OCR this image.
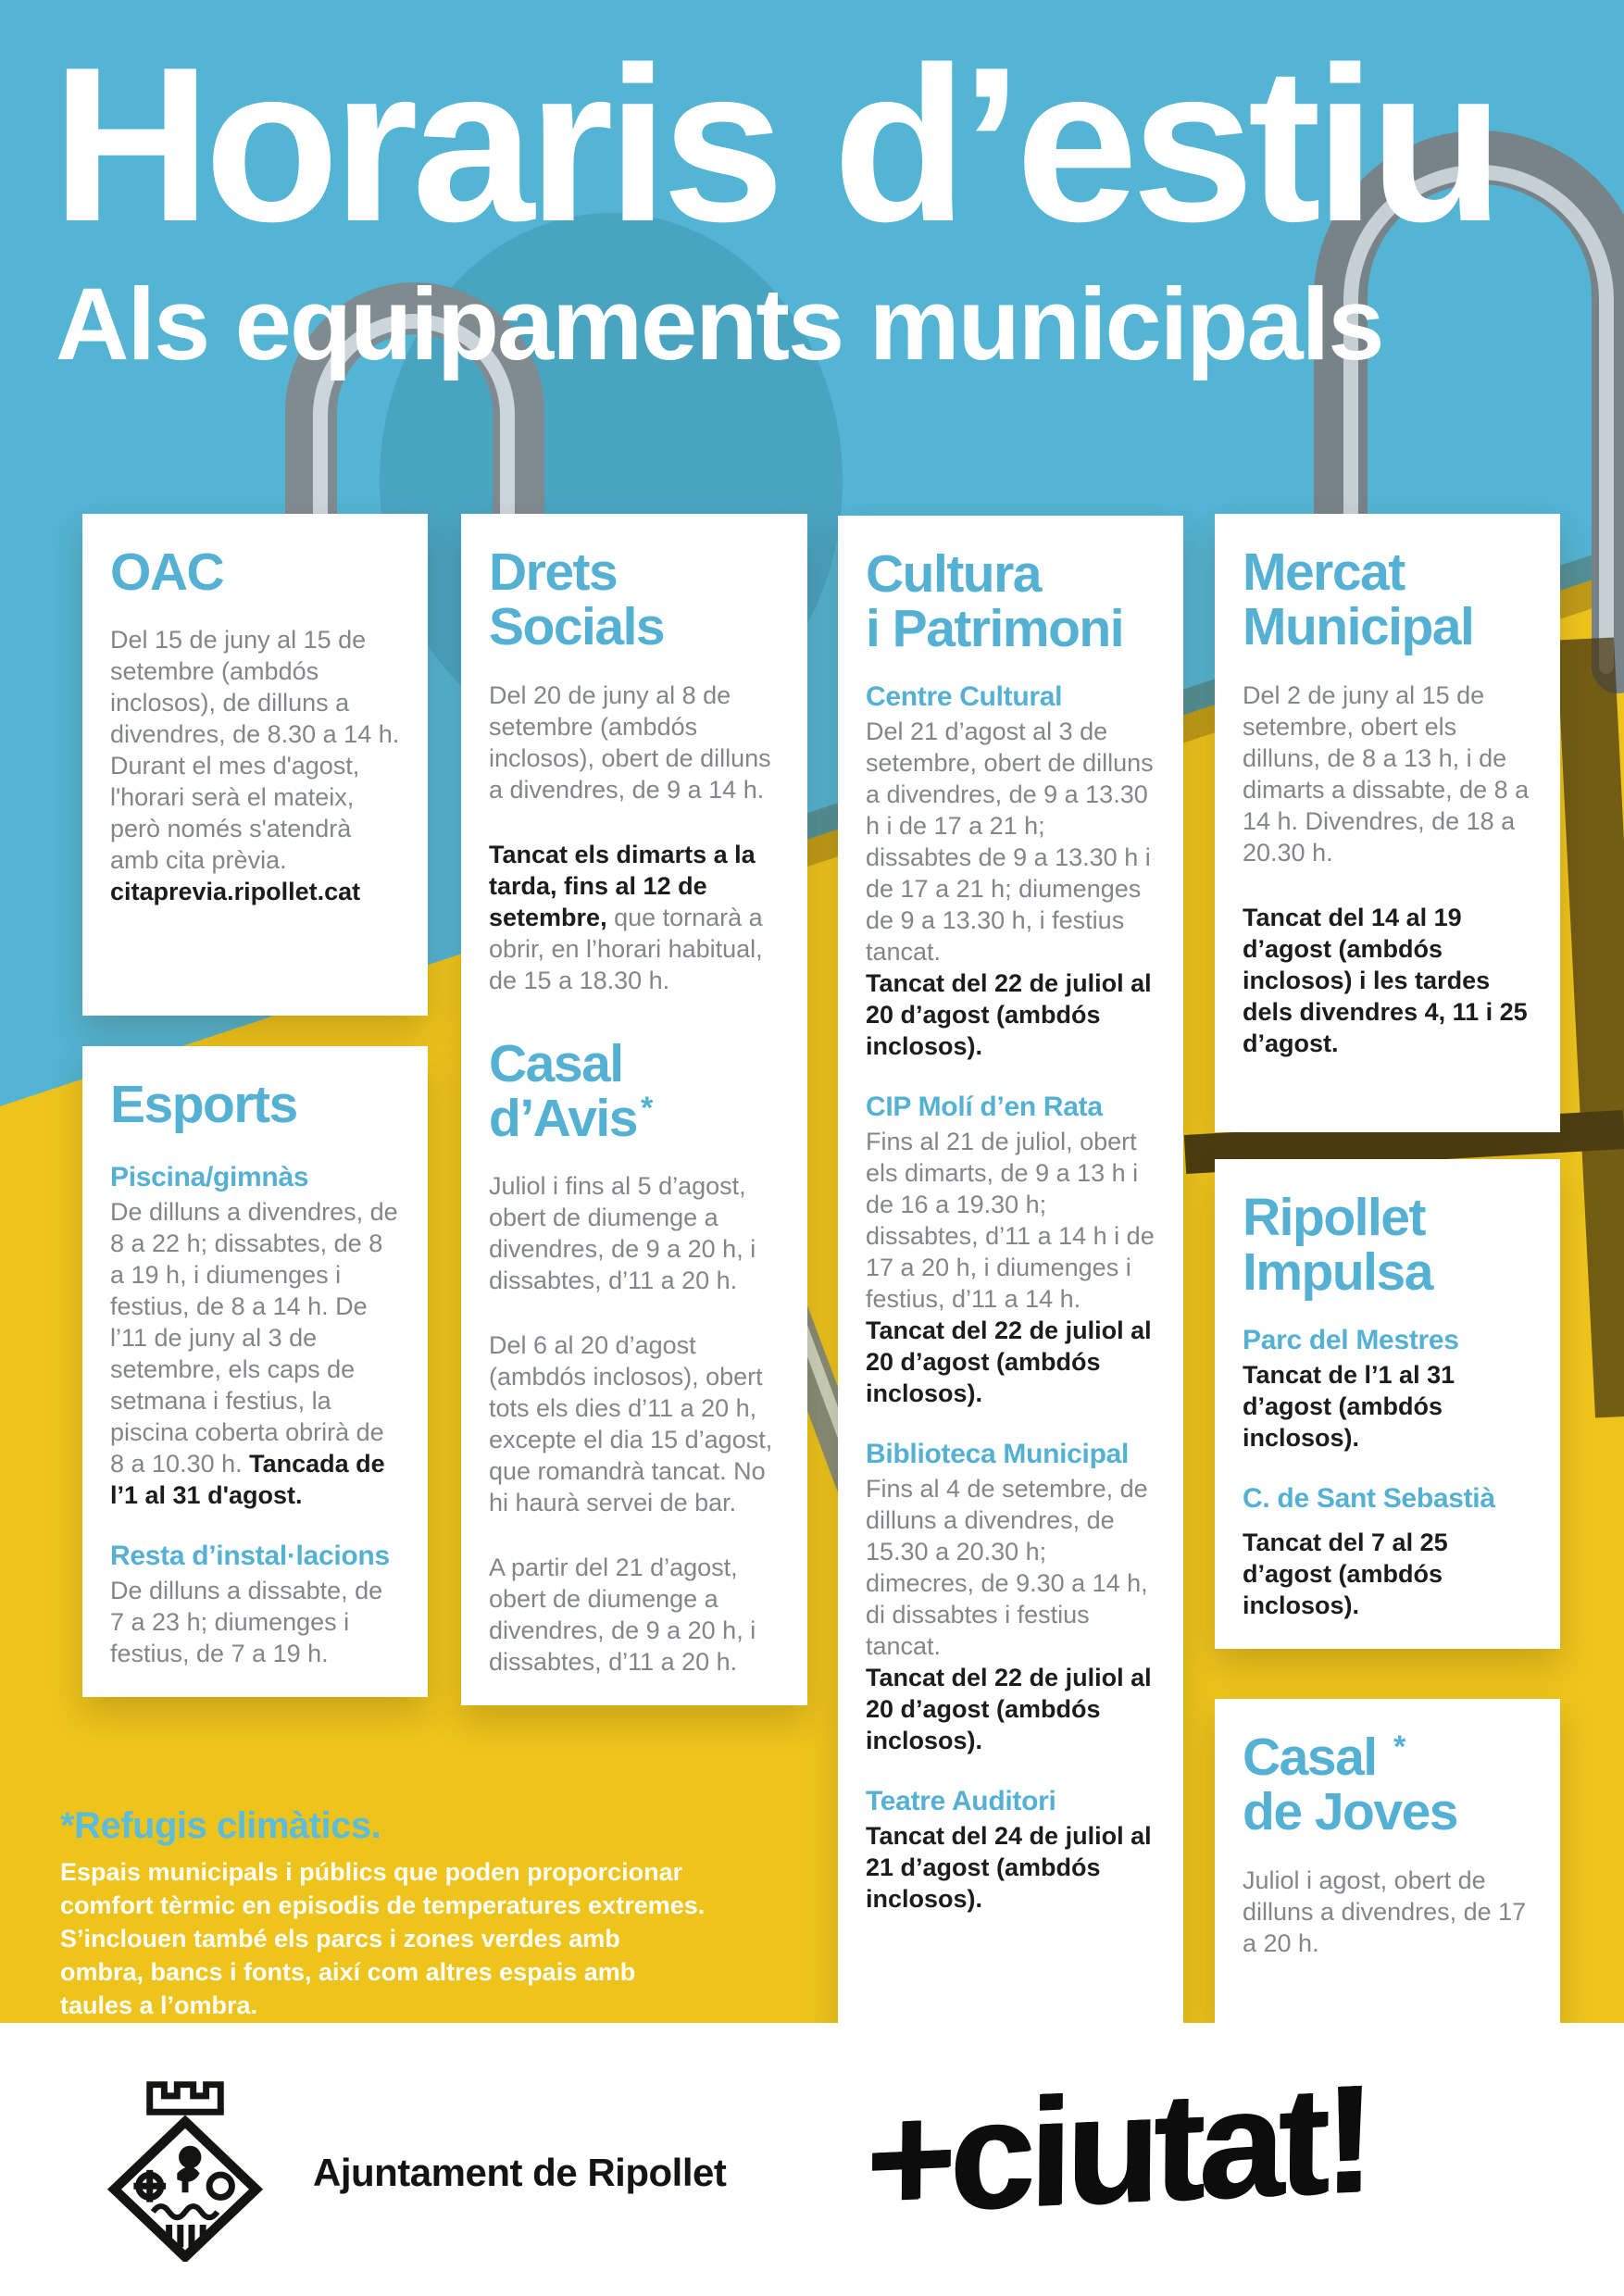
Horaris d’estiu

Als equipaments municipals

OAC

Del 15 de juny al 15 de setembre (ambdós inclosos), de dilluns a divendres, de 8.30 a 14 h.

Durant el mes d'agost, l'horari serà el mateix, però només s'atendrà amb cita prèvia.

citaprevia.ripollet.cat

Esports
Piscina/gimnàs

De dilluns a divendres, de 8 a 22 h; dissabtes, de 8 a 19 h, i diumenges i festius, de 8 a 14 h. De l’11 de juny al 3 de setembre, els caps de setmana i festius, la piscina coberta obrirà de 8 a 10.30 h. Tancada de l’1 al 31 d'agost.

Resta d’instal·lacions

De dilluns a dissabte, de 7 a 23 h; diumenges i festius, de 7 a 19 h.

Drets Socials

Del 20 de juny al 8 de setembre (ambdós inclosos), obert de dilluns a divendres, de 9 a 14 h.

Tancat els dimarts a la tarda, fins al 12 de setembre, que tornarà a obrir, en l’horari habitual, de 15 a 18.30 h.

Casal d’Avis *

Juliol i fins al 5 d’agost, obert de diumenge a divendres, de 9 a 20 h, i dissabtes, d’11 a 20 h.

Del 6 al 20 d’agost (ambdós inclosos), obert tots els dies d’11 a 20 h, excepte el dia 15 d’agost, que romandrà tancat. No hi haurà servei de bar.

A partir del 21 d’agost, obert de diumenge a divendres, de 9 a 20 h, i dissabtes, d’11 a 20 h.

Cultura
i Patrimoni
Centre Cultural

Del 21 d’agost al 3 de setembre, obert de dilluns a divendres, de 9 a 13.30 h i de 17 a 21 h; dissabtes de 9 a 13.30 h i de 17 a 21 h; diumenges de 9 a 13.30 h, i festius tancat.

Tancat del 22 de juliol al 20 d’agost (ambdós inclosos).

CIP Molí d’en Rata

Fins al 21 de juliol, obert els dimarts, de 9 a 13 h i de 16 a 19.30 h; dissabtes, d’11 a 14 h i de 17 a 20 h, i diumenges i festius, d’11 a 14 h.

Tancat del 22 de juliol al 20 d’agost (ambdós inclosos).

Biblioteca Municipal

Fins al 4 de setembre, de dilluns a divendres, de 15.30 a 20.30 h; dimecres, de 9.30 a 14 h, di dissabtes i festius tancat.

Tancat del 22 de juliol al 20 d’agost (ambdós inclosos).

Teatre Auditori

Tancat del 24 de juliol al 21 d’agost (ambdós inclosos).

Mercat Municipal

Del 2 de juny al 15 de setembre, obert els dilluns, de 8 a 13 h, i de dimarts a dissabte, de 8 a 14 h. Divendres, de 18 a 20.30 h.

Tancat del 14 al 19 d’agost (ambdós inclosos) i les tardes dels divendres 4, 11 i 25 d’agost.

Ripollet Impulsa
Parc del Mestres

Tancat de l’1 al 31 d’agost (ambdós inclosos).

C. de Sant Sebastià

Tancat del 7 al 25 d’agost (ambdós inclosos).

Casal *
de Joves

Juliol i agost, obert de dilluns a divendres, de 17 a 20 h.

*Refugis climàtics.

Espais municipals i públics que poden proporcionar comfort tèrmic en episodis de temperatures extremes. S’inclouen també els parcs i zones verdes amb ombra, bancs i fonts, així com altres espais amb taules a l’ombra.

Ajuntament de Ripollet +ciutat!
